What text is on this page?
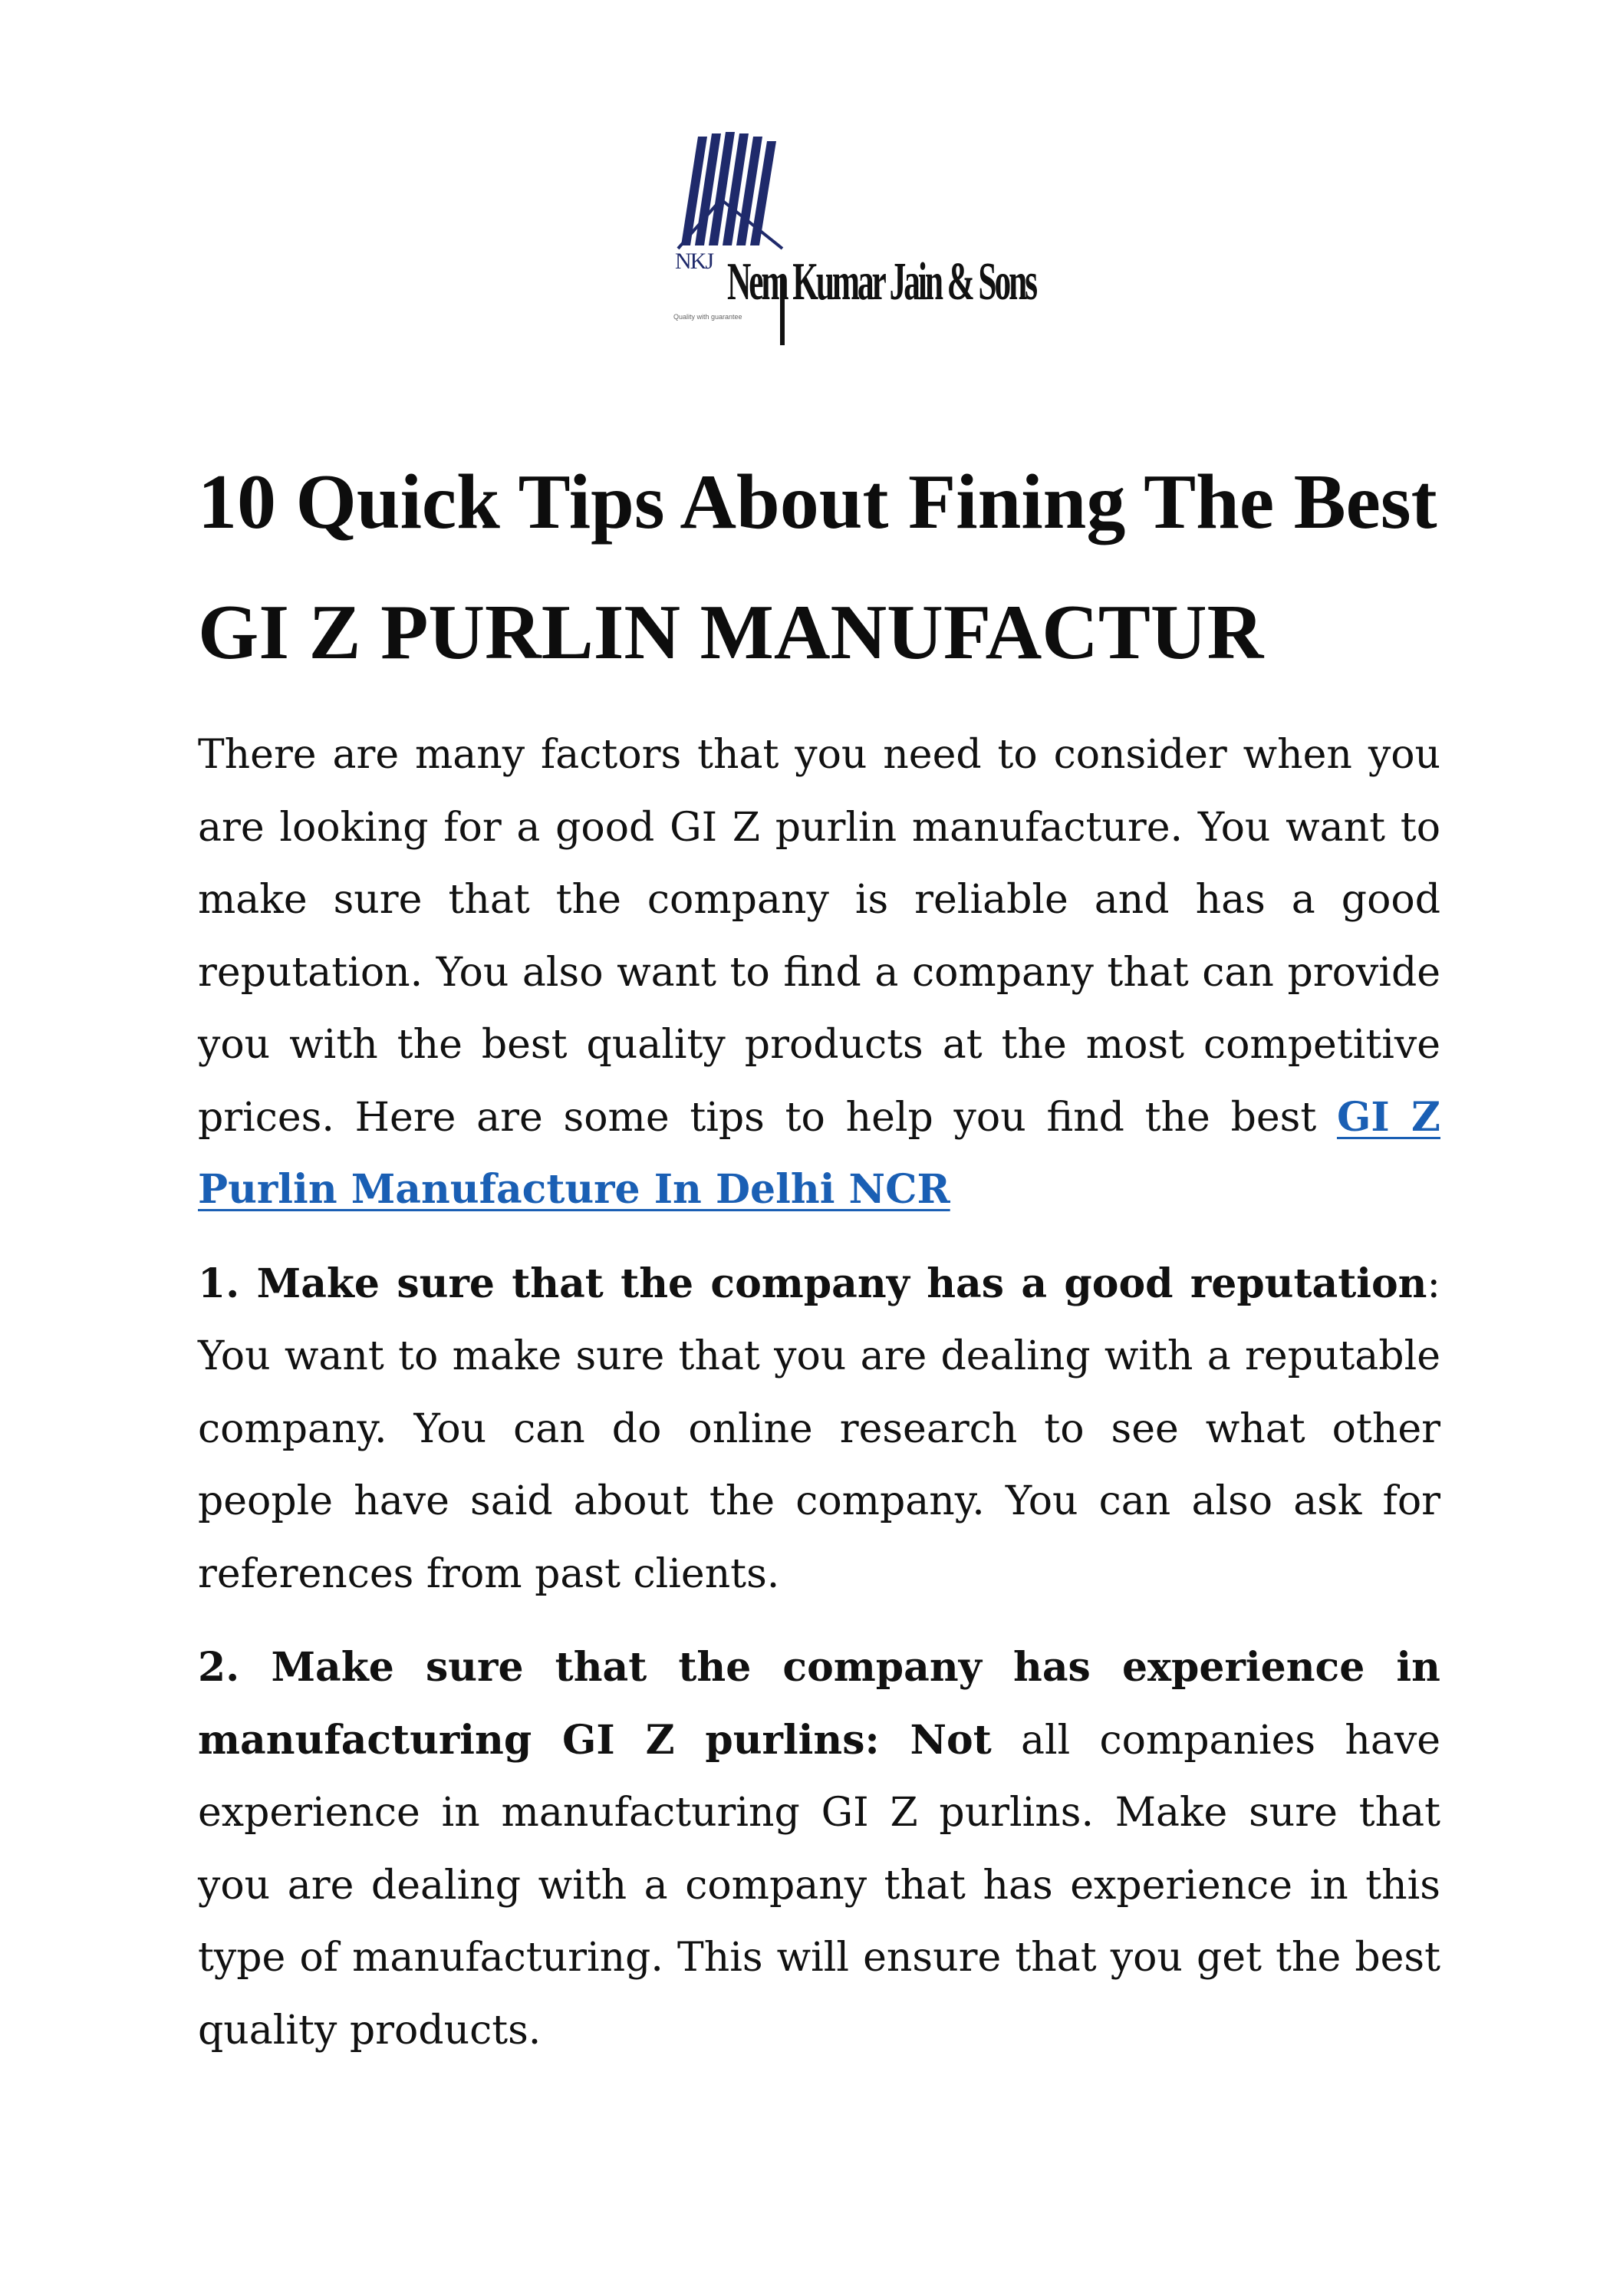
NKJ Nem Kumar Jain & Sons
Quality with guarantee
10 Quick Tips About Fining The Best
GI Z PURLIN MANUFACTUR

There are many factors that you need to consider when you are looking for a good GI Z purlin manufacture. You want to make sure that the company is reliable and has a good reputation. You also want to find a company that can provide you with the best quality products at the most competitive prices. Here are some tips to help you find the best GI Z Purlin Manufacture In Delhi NCR

1. Make sure that the company has a good reputation: You want to make sure that you are dealing with a reputable company. You can do online research to see what other people have said about the company. You can also ask for references from past clients.

2. Make sure that the company has experience in manufacturing GI Z purlins: Not all companies have experience in manufacturing GI Z purlins. Make sure that you are dealing with a company that has experience in this type of manufacturing. This will ensure that you get the best quality products.
